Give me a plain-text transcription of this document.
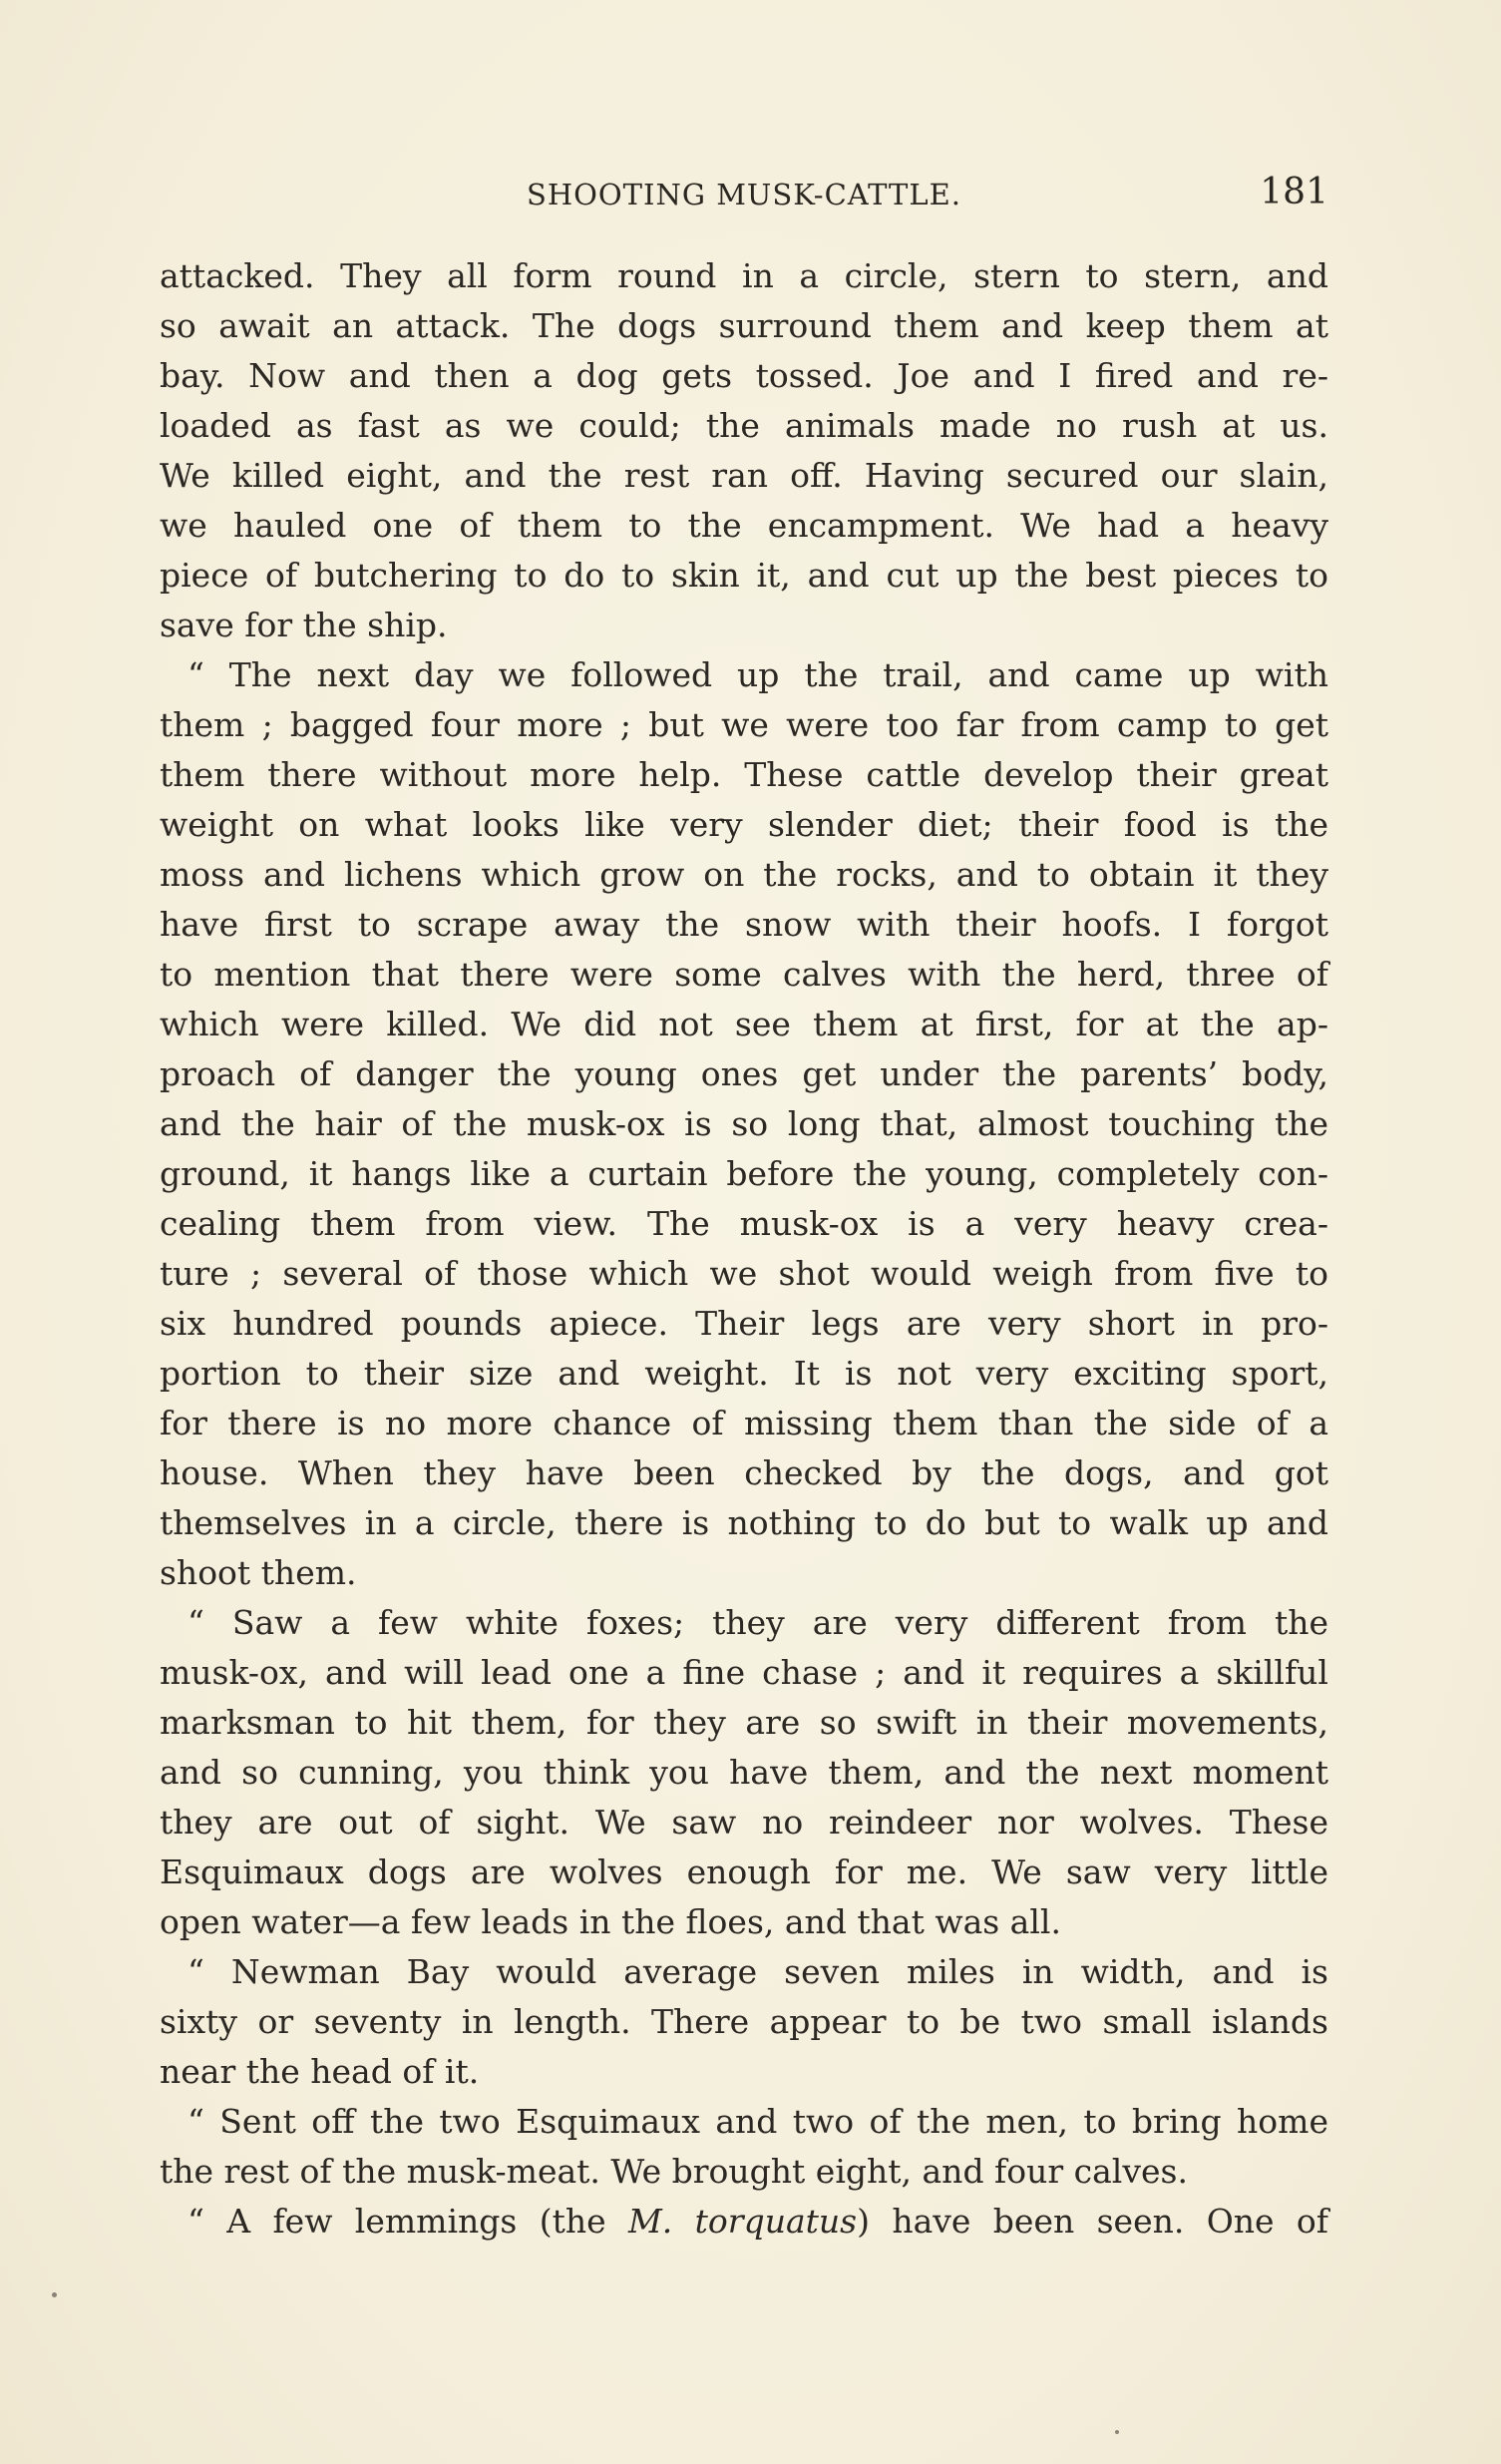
SHOOTING MUSK-CATTLE.	181
attacked. They all form round in a circle, stern to stern, and
so await an attack. The dogs surround them and keep them at
bay. Now and then a dog gets tossed. Joe and I fired and re-
loaded as fast as we could; the animals made no rush at us.
We killed eight, and the rest ran off. Having secured our slain,
we hauled one of them to the encampment. We had a heavy
piece of butchering to do to skin it, and cut up the best pieces to
save for the ship.
“ The next day we followed up the trail, and came up with
them ; bagged four more ; but we were too far from camp to get
them there without more help. These cattle develop their great
weight on what looks like very slender diet; their food is the
moss and lichens which grow on the rocks, and to obtain it they
have first to scrape away the snow with their hoofs. I forgot
to mention that there were some calves with the herd, three of
which were killed. We did not see them at first, for at the ap-
proach of danger the young ones get under the parents’ body,
and the hair of the musk-ox is so long that, almost touching the
ground, it hangs like a curtain before the young, completely con-
cealing them from view. The musk-ox is a very heavy crea-
ture ; several of those which we shot would weigh from five to
six hundred pounds apiece. Their legs are very short in pro-
portion to their size and weight. It is not very exciting sport,
for there is no more chance of missing them than the side of a
house. When they have been checked by the dogs, and got
themselves in a circle, there is nothing to do but to walk up and
shoot them.
“ Saw a few white foxes; they are very different from the
musk-ox, and will lead one a fine chase ; and it requires a skillful
marksman to hit them, for they are so swift in their movements,
and so cunning, you think you have them, and the next moment
they are out of sight. We saw no reindeer nor wolves. These
Esquimaux dogs are wolves enough for me. We saw very little
open water—a few leads in the floes, and that was all.
“ Newman Bay would average seven miles in width, and is
sixty or seventy in length. There appear to be two small islands
near the head of it.
“ Sent off the two Esquimaux and two of the men, to bring home
the rest of the musk-meat. We brought eight, and four calves.
“ A few lemmings (the M. torquatus) have been seen. One of
